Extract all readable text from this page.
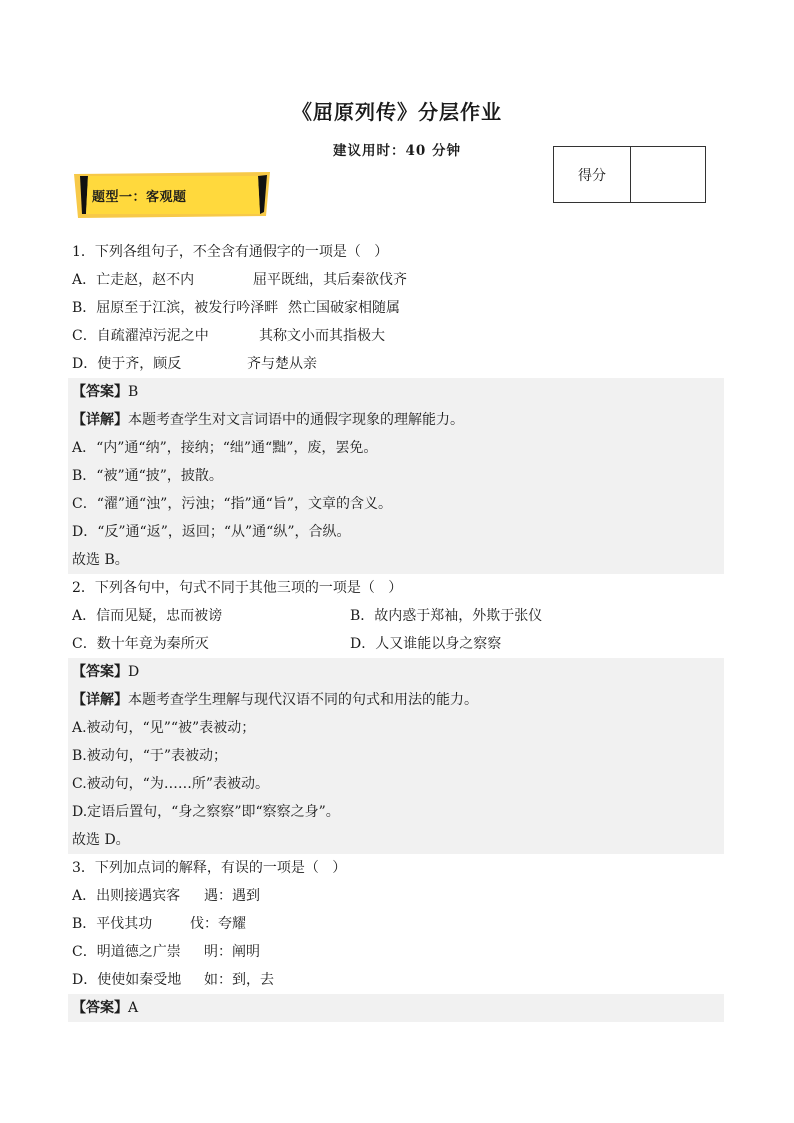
《屈原列传》分层作业
建议用时：40 分钟
得分
题型一：客观题
1．下列各组句子，不全含有通假字的一项是（   ）
A．亡走赵，赵不内	屈平既绌，其后秦欲伐齐
B．屈原至于江滨，被发行吟泽畔 然亡国破家相随属
C．自疏濯淖污泥之中	其称文小而其指极大
D．使于齐，顾反	齐与楚从亲
【答案】B
【详解】本题考查学生对文言词语中的通假字现象的理解能力。
A．“内”通“纳”，接纳；“绌”通“黜”，废，罢免。
B．“被”通“披”，披散。
C．“濯”通“浊”，污浊；“指”通“旨”，文章的含义。
D．“反”通“返”，返回；“从”通“纵”，合纵。
故选 B。
2．下列各句中，句式不同于其他三项的一项是（   ）
A．信而见疑，忠而被谤	B．故内惑于郑袖，外欺于张仪
C．数十年竟为秦所灭	D．人又谁能以身之察察
【答案】D
【详解】本题考查学生理解与现代汉语不同的句式和用法的能力。
A.被动句，“见”“被”表被动；
B.被动句，“于”表被动；
C.被动句，“为……所”表被动。
D.定语后置句，“身之察察”即“察察之身”。
故选 D。
3．下列加点词的解释，有误的一项是（   ）
A．出则接遇宾客 遇：遇到
B．平伐其功	伐：夸耀
C．明道德之广崇 明：阐明
D．使使如秦受地 如：到，去
【答案】A
